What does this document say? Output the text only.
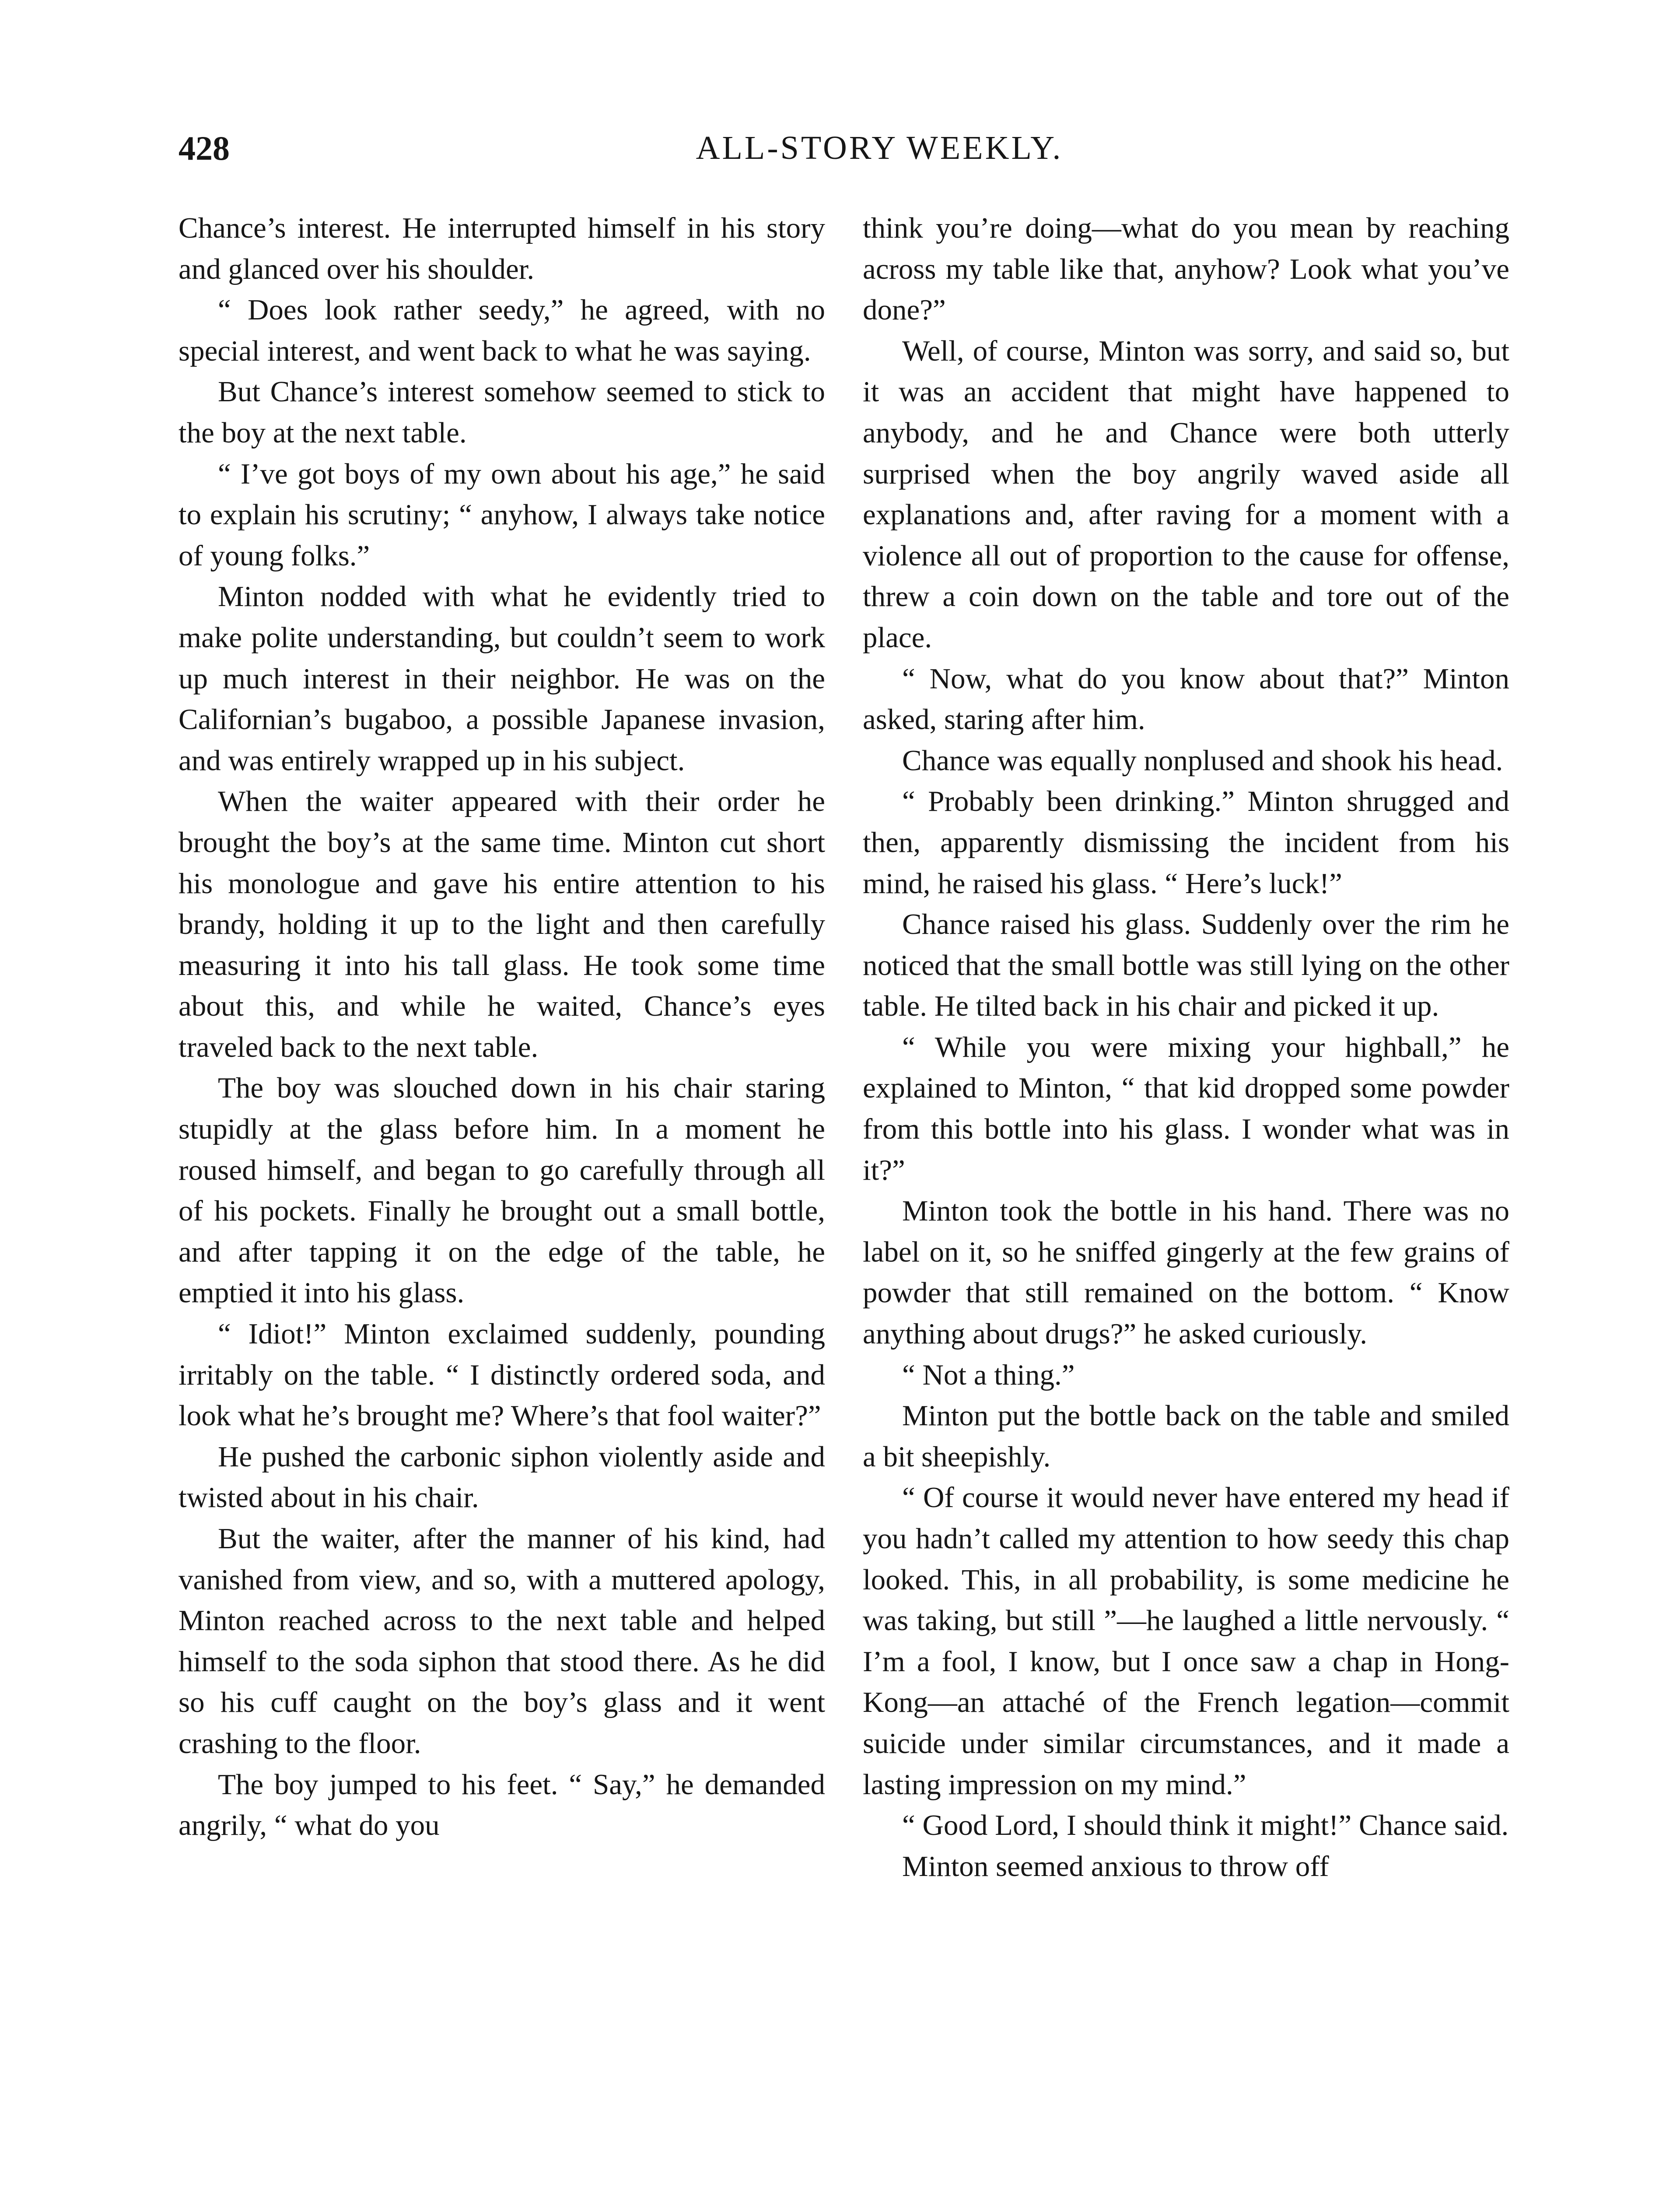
428	ALL-STORY WEEKLY.

Chance’s interest. He interrupted himself in his story and glanced over his shoulder.

“ Does look rather seedy,” he agreed, with no special interest, and went back to what he was saying.

But Chance’s interest somehow seemed to stick to the boy at the next table.

“ I’ve got boys of my own about his age,” he said to explain his scrutiny; “ anyhow, I always take notice of young folks.”

Minton nodded with what he evidently tried to make polite understanding, but couldn’t seem to work up much interest in their neighbor. He was on the Californian’s bugaboo, a possible Japanese invasion, and was entirely wrapped up in his subject.

When the waiter appeared with their order he brought the boy’s at the same time. Minton cut short his monologue and gave his entire attention to his brandy, holding it up to the light and then carefully measuring it into his tall glass. He took some time about this, and while he waited, Chance’s eyes traveled back to the next table.

The boy was slouched down in his chair staring stupidly at the glass before him. In a moment he roused himself, and began to go carefully through all of his pockets. Finally he brought out a small bottle, and after tapping it on the edge of the table, he emptied it into his glass.

“ Idiot!” Minton exclaimed suddenly, pounding irritably on the table. “ I distinctly ordered soda, and look what he’s brought me? Where’s that fool waiter?”

He pushed the carbonic siphon violently aside and twisted about in his chair.

But the waiter, after the manner of his kind, had vanished from view, and so, with a muttered apology, Minton reached across to the next table and helped himself to the soda siphon that stood there. As he did so his cuff caught on the boy’s glass and it went crashing to the floor.

The boy jumped to his feet. “ Say,” he demanded angrily, “ what do you

think you’re doing—what do you mean by reaching across my table like that, anyhow? Look what you’ve done?”

Well, of course, Minton was sorry, and said so, but it was an accident that might have happened to anybody, and he and Chance were both utterly surprised when the boy angrily waved aside all explanations and, after raving for a moment with a violence all out of proportion to the cause for offense, threw a coin down on the table and tore out of the place.

“ Now, what do you know about that?” Minton asked, staring after him.

Chance was equally nonplused and shook his head.

“ Probably been drinking.” Minton shrugged and then, apparently dismissing the incident from his mind, he raised his glass. “ Here’s luck!”

Chance raised his glass. Suddenly over the rim he noticed that the small bottle was still lying on the other table. He tilted back in his chair and picked it up.

“ While you were mixing your highball,” he explained to Minton, “ that kid dropped some powder from this bottle into his glass. I wonder what was in it?”

Minton took the bottle in his hand. There was no label on it, so he sniffed gingerly at the few grains of powder that still remained on the bottom. “ Know anything about drugs?” he asked curiously.

“ Not a thing.”

Minton put the bottle back on the table and smiled a bit sheepishly.

“ Of course it would never have entered my head if you hadn’t called my attention to how seedy this chap looked. This, in all probability, is some medicine he was taking, but still ”—he laughed a little nervously. “ I’m a fool, I know, but I once saw a chap in Hong-Kong—an attaché of the French legation—commit suicide under similar circumstances, and it made a lasting impression on my mind.”

“ Good Lord, I should think it might!” Chance said.

Minton seemed anxious to throw off
